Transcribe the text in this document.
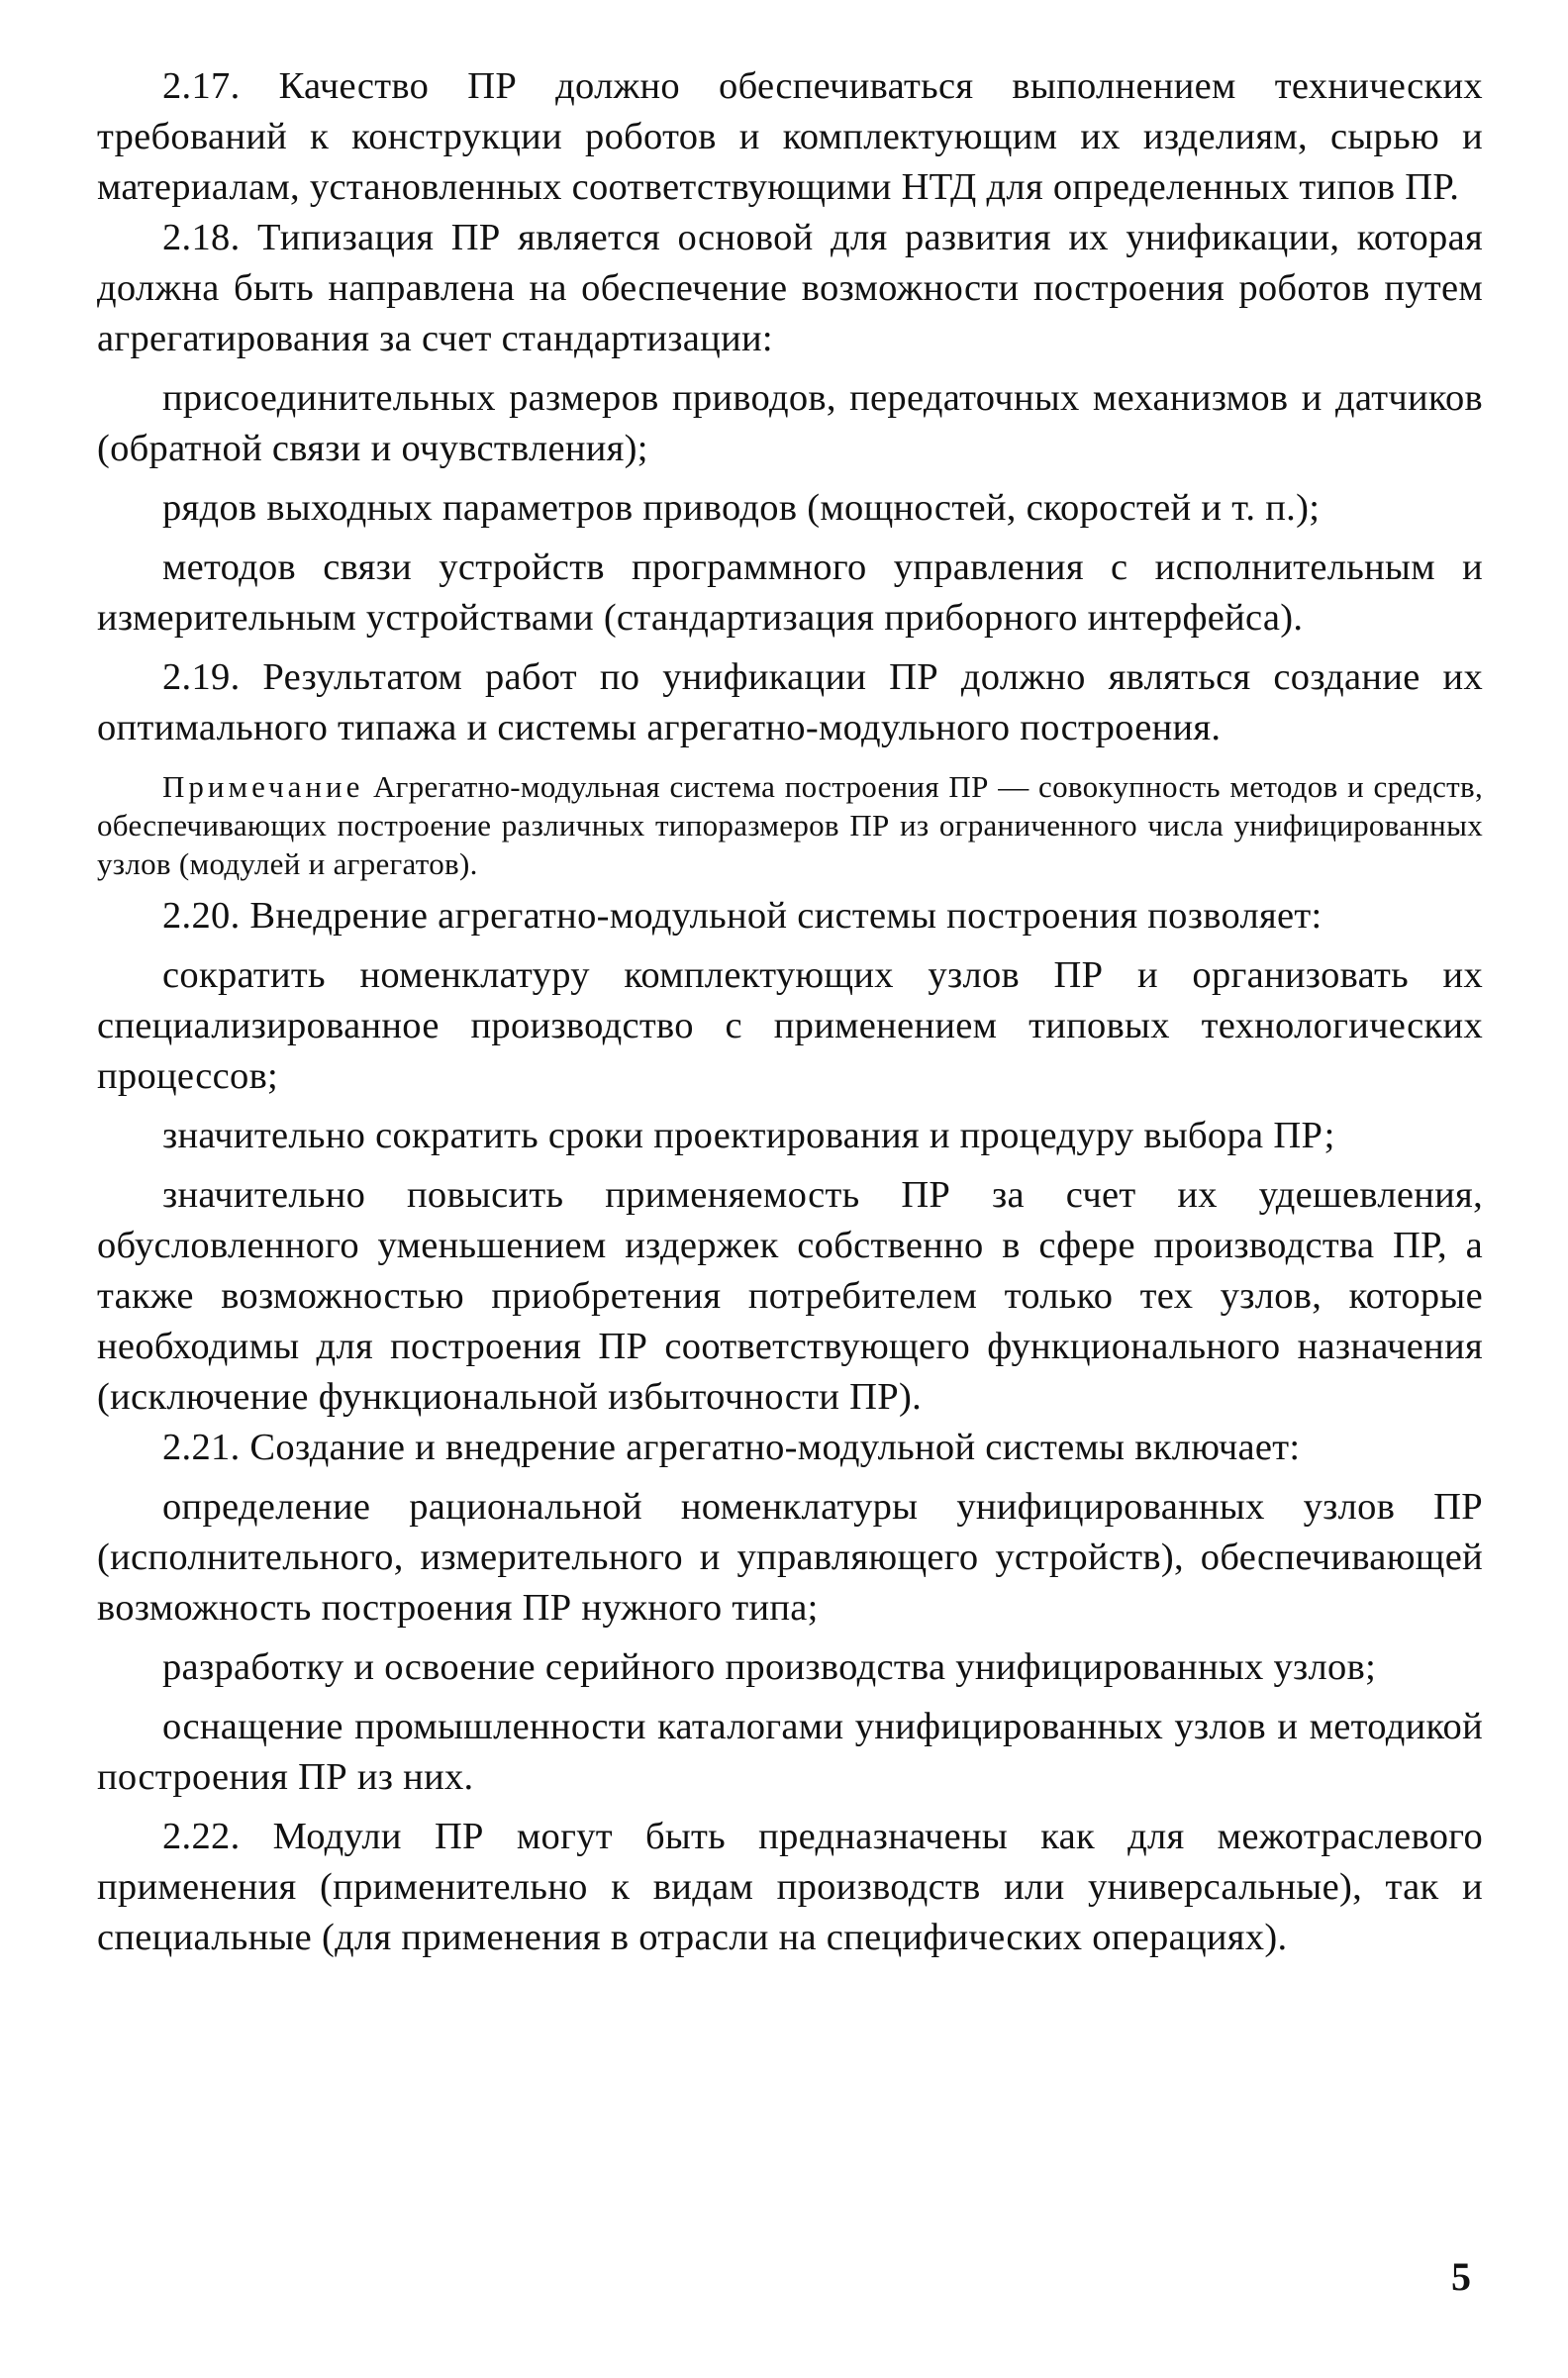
2.17. Качество ПР должно обеспечиваться выполнением технических требований к конструкции роботов и комплектующим их изделиям, сырью и материалам, установленных соответствующими НТД для определенных типов ПР.

2.18. Типизация ПР является основой для развития их унификации, которая должна быть направлена на обеспечение возможности построения роботов путем агрегатирования за счет стандартизации:

присоединительных размеров приводов, передаточных механизмов и датчиков (обратной связи и очувствления);

рядов выходных параметров приводов (мощностей, скоростей и т. п.);

методов связи устройств программного управления с исполнительным и измерительным устройствами (стандартизация приборного интерфейса).

2.19. Результатом работ по унификации ПР должно являться создание их оптимального типажа и системы агрегатно-модульного построения.

Примечание Агрегатно-модульная система построения ПР — совокупность методов и средств, обеспечивающих построение различных типоразмеров ПР из ограниченного числа унифицированных узлов (модулей и агрегатов).

2.20. Внедрение агрегатно-модульной системы построения позволяет:

сократить номенклатуру комплектующих узлов ПР и организовать их специализированное производство с применением типовых технологических процессов;

значительно сократить сроки проектирования и процедуру выбора ПР;

значительно повысить применяемость ПР за счет их удешевления, обусловленного уменьшением издержек собственно в сфере производства ПР, а также возможностью приобретения потребителем только тех узлов, которые необходимы для построения ПР соответствующего функционального назначения (исключение функциональной избыточности ПР).

2.21. Создание и внедрение агрегатно-модульной системы включает:

определение рациональной номенклатуры унифицированных узлов ПР (исполнительного, измерительного и управляющего устройств), обеспечивающей возможность построения ПР нужного типа;

разработку и освоение серийного производства унифицированных узлов;

оснащение промышленности каталогами унифицированных узлов и методикой построения ПР из них.

2.22. Модули ПР могут быть предназначены как для межотраслевого применения (применительно к видам производств или универсальные), так и специальные (для применения в отрасли на специфических операциях).

5
